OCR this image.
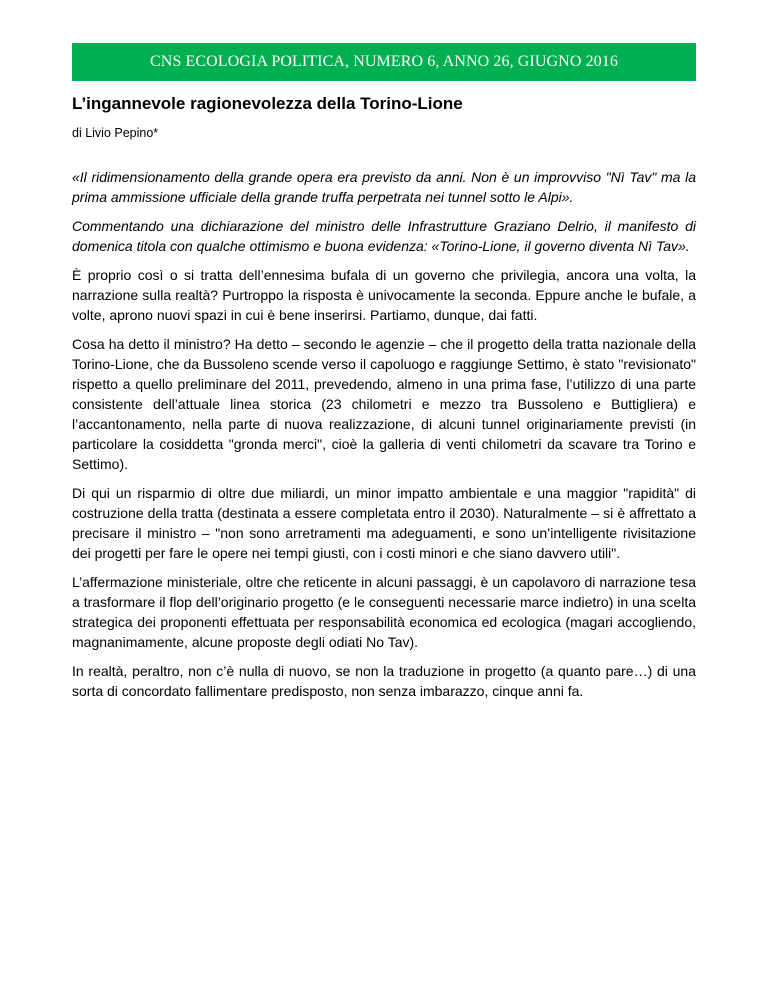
CNS ECOLOGIA POLITICA, NUMERO 6, ANNO 26, GIUGNO 2016
L’ingannevole ragionevolezza della Torino-Lione
di Livio Pepino*

«Il ridimensionamento della grande opera era previsto da anni. Non è un improvviso "Nì Tav" ma la prima ammissione ufficiale della grande truffa perpetrata nei tunnel sotto le Alpi».

Commentando una dichiarazione del ministro delle Infrastrutture Graziano Delrio, il manifesto di domenica titola con qualche ottimismo e buona evidenza: «Torino-Lione, il governo diventa Nì Tav».

È proprio così o si tratta dell’ennesima bufala di un governo che privilegia, ancora una volta, la narrazione sulla realtà? Purtroppo la risposta è univocamente la seconda. Eppure anche le bufale, a volte, aprono nuovi spazi in cui è bene inserirsi. Partiamo, dunque, dai fatti.

Cosa ha detto il ministro? Ha detto – secondo le agenzie – che il progetto della tratta nazionale della Torino-Lione, che da Bussoleno scende verso il capoluogo e raggiunge Settimo, è stato "revisionato" rispetto a quello preliminare del 2011, prevedendo, almeno in una prima fase, l’utilizzo di una parte consistente dell’attuale linea storica (23 chilometri e mezzo tra Bussoleno e Buttigliera) e l’accantonamento, nella parte di nuova realizzazione, di alcuni tunnel originariamente previsti (in particolare la cosiddetta "gronda merci", cioè la galleria di venti chilometri da scavare tra Torino e Settimo).

Di qui un risparmio di oltre due miliardi, un minor impatto ambientale e una maggior "rapidità" di costruzione della tratta (destinata a essere completata entro il 2030). Naturalmente – si è affrettato a precisare il ministro – "non sono arretramenti ma adeguamenti, e sono un’intelligente rivisitazione dei progetti per fare le opere nei tempi giusti, con i costi minori e che siano davvero utili".

L’affermazione ministeriale, oltre che reticente in alcuni passaggi, è un capolavoro di narrazione tesa a trasformare il flop dell’originario progetto (e le conseguenti necessarie marce indietro) in una scelta strategica dei proponenti effettuata per responsabilità economica ed ecologica (magari accogliendo, magnanimamente, alcune proposte degli odiati No Tav).

In realtà, peraltro, non c’è nulla di nuovo, se non la traduzione in progetto (a quanto pare…) di una sorta di concordato fallimentare predisposto, non senza imbarazzo, cinque anni fa.
